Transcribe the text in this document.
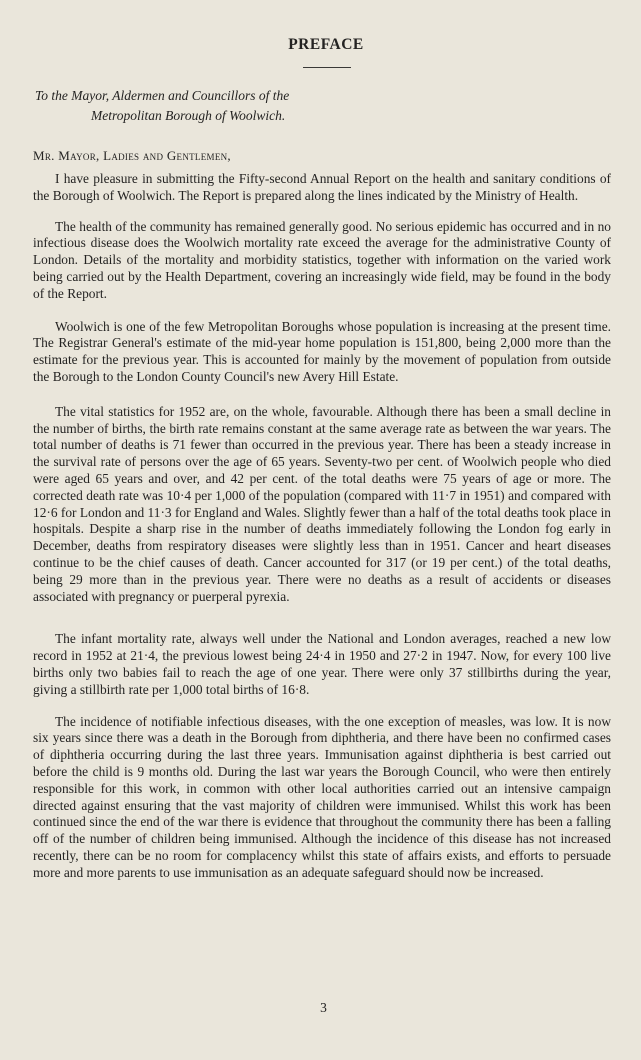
PREFACE

To the Mayor, Aldermen and Councillors of the
Metropolitan Borough of Woolwich.

Mr. Mayor, Ladies and Gentlemen,

I have pleasure in submitting the Fifty-second Annual Report on the health and sanitary conditions of the Borough of Woolwich. The Report is prepared along the lines indicated by the Ministry of Health.

The health of the community has remained generally good. No serious epidemic has occurred and in no infectious disease does the Woolwich mortality rate exceed the average for the administrative County of London. Details of the mortality and morbidity statistics, together with information on the varied work being carried out by the Health Department, covering an increasingly wide field, may be found in the body of the Report.

Woolwich is one of the few Metropolitan Boroughs whose population is increasing at the present time. The Registrar General's estimate of the mid-year home population is 151,800, being 2,000 more than the estimate for the previous year. This is accounted for mainly by the movement of population from outside the Borough to the London County Council's new Avery Hill Estate.

The vital statistics for 1952 are, on the whole, favourable. Although there has been a small decline in the number of births, the birth rate remains constant at the same average rate as between the war years. The total number of deaths is 71 fewer than occurred in the previous year. There has been a steady increase in the survival rate of persons over the age of 65 years. Seventy-two per cent. of Woolwich people who died were aged 65 years and over, and 42 per cent. of the total deaths were 75 years of age or more. The corrected death rate was 10·4 per 1,000 of the population (compared with 11·7 in 1951) and compared with 12·6 for London and 11·3 for England and Wales. Slightly fewer than a half of the total deaths took place in hospitals. Despite a sharp rise in the number of deaths immediately following the London fog early in December, deaths from respiratory diseases were slightly less than in 1951. Cancer and heart diseases continue to be the chief causes of death. Cancer accounted for 317 (or 19 per cent.) of the total deaths, being 29 more than in the previous year. There were no deaths as a result of accidents or diseases associated with pregnancy or puerperal pyrexia.

The infant mortality rate, always well under the National and London averages, reached a new low record in 1952 at 21·4, the previous lowest being 24·4 in 1950 and 27·2 in 1947. Now, for every 100 live births only two babies fail to reach the age of one year. There were only 37 stillbirths during the year, giving a stillbirth rate per 1,000 total births of 16·8.

The incidence of notifiable infectious diseases, with the one exception of measles, was low. It is now six years since there was a death in the Borough from diphtheria, and there have been no confirmed cases of diphtheria occurring during the last three years. Immunisation against diphtheria is best carried out before the child is 9 months old. During the last war years the Borough Council, who were then entirely responsible for this work, in common with other local authorities carried out an intensive campaign directed against ensuring that the vast majority of children were immunised. Whilst this work has been continued since the end of the war there is evidence that throughout the community there has been a falling off of the number of children being immunised. Although the incidence of this disease has not increased recently, there can be no room for complacency whilst this state of affairs exists, and efforts to persuade more and more parents to use immunisation as an adequate safeguard should now be increased.

3
